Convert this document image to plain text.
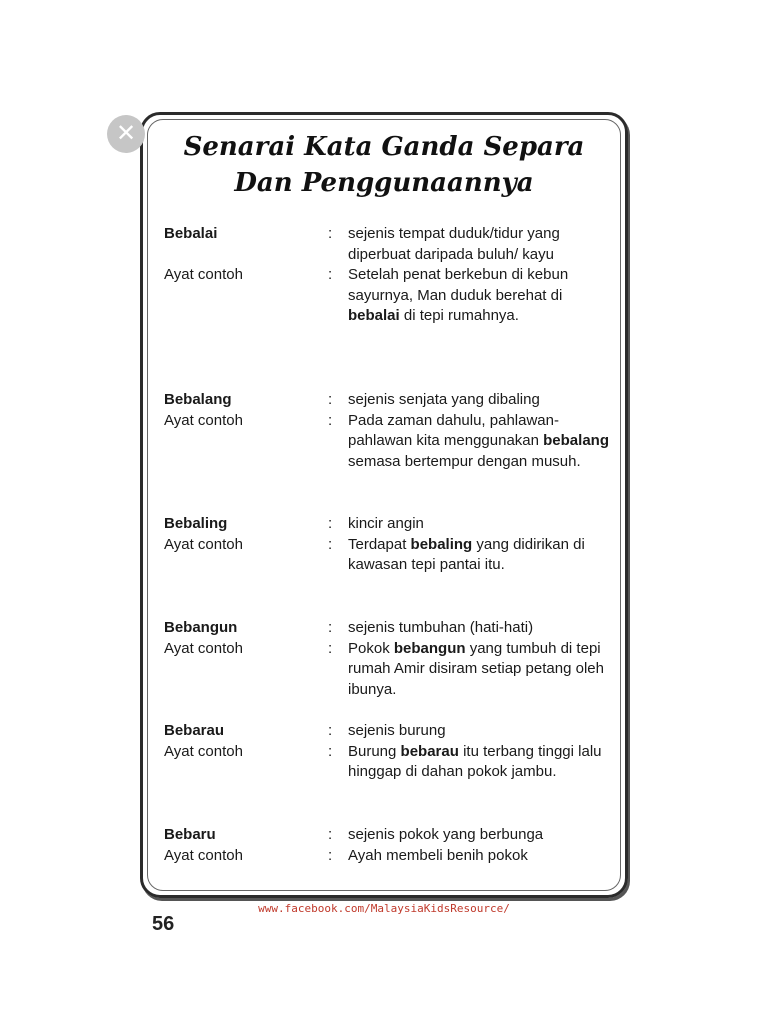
✕	Senarai Kata Ganda Separa
Dan Penggunaannya
Bebalai	: sejenis tempat duduk/tidur yang diperbuat daripada buluh/ kayu
Ayat contoh	: Setelah penat berkebun di kebun sayurnya, Man duduk berehat di bebalai di tepi rumahnya.
Bebalang	: sejenis senjata yang dibaling
Ayat contoh	: Pada zaman dahulu, pahlawan-pahlawan kita menggunakan bebalang semasa bertempur dengan musuh.
Bebaling	: kincir angin
Ayat contoh	: Terdapat bebaling yang didirikan di kawasan tepi pantai itu.
Bebangun	: sejenis tumbuhan (hati-hati)
Ayat contoh	: Pokok bebangun yang tumbuh di tepi rumah Amir disiram setiap petang oleh ibunya.
Bebarau	: sejenis burung
Ayat contoh	: Burung bebarau itu terbang tinggi lalu hinggap di dahan pokok jambu.
Bebaru	: sejenis pokok yang berbunga
Ayat contoh	: Ayah membeli benih pokok
www.facebook.com/MalaysiaKidsResource/
56
